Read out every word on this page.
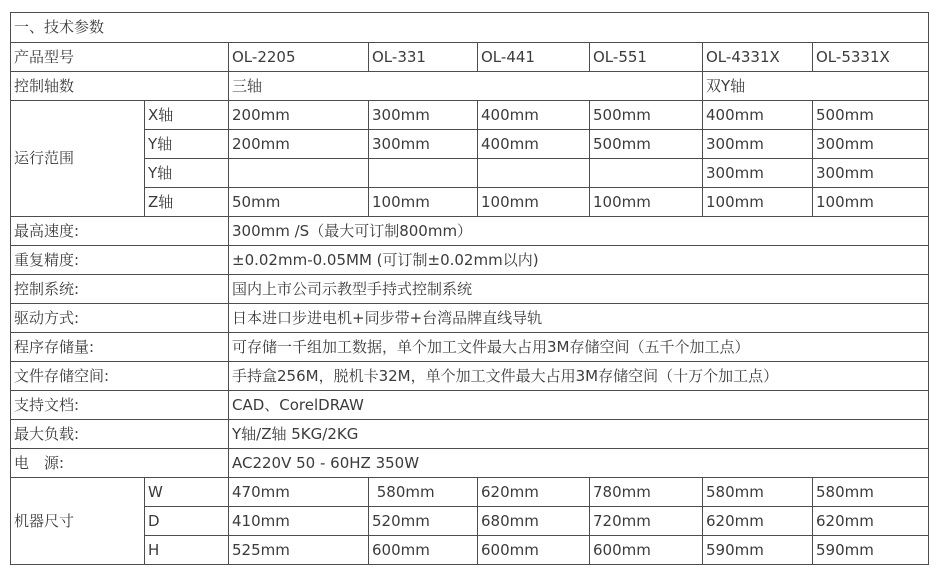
一、技术参数							
产品型号		OL-2205	OL-331	OL-441	OL-551	OL-4331X	OL-5331X
控制轴数		三轴				双Y轴	
运行范围	X轴	200mm	300mm	400mm	500mm	400mm	500mm
	Y轴	200mm	300mm	400mm	500mm	300mm	300mm
	Y轴					300mm	300mm
	Z轴	50mm	100mm	100mm	100mm	100mm	100mm
最高速度:		300mm /S（最大可订制800mm）					
重复精度:		±0.02mm-0.05MM (可订制±0.02mm以内)					
控制系统:		国内上市公司示教型手持式控制系统					
驱动方式:		日本进口步进电机+同步带+台湾品牌直线导轨					
程序存储量:		可存储一千组加工数据，单个加工文件最大占用3M存储空间（五千个加工点）					
文件存储空间:		手持盒256M，脱机卡32M，单个加工文件最大占用3M存储空间（十万个加工点）					
支持文档:		CAD、CorelDRAW					
最大负载:		Y轴/Z轴 5KG/2KG					
电　源:		AC220V 50 - 60HZ 350W					
机器尺寸	W	470mm	580mm	620mm	780mm	580mm	580mm
	D	410mm	520mm	680mm	720mm	620mm	620mm
	H	525mm	600mm	600mm	600mm	590mm	590mm
